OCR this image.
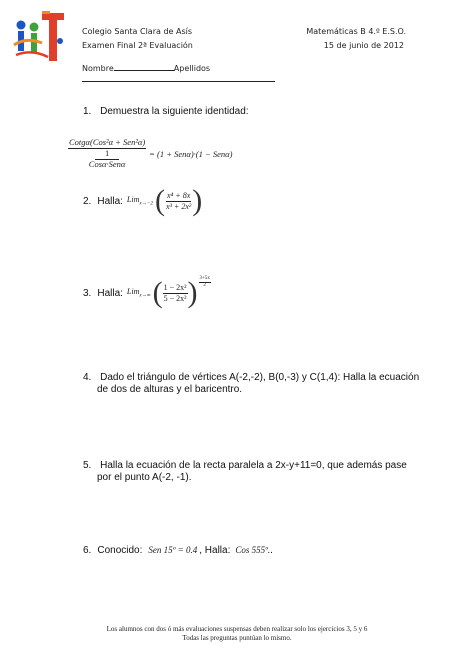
Colegio Santa Clara de Asís
Examen Final 2ª Evaluación
Matemáticas B 4.º E.S.O.
15 de junio de 2012
Nombre	Apellidos
1. Demuestra la siguiente identidad:
Cotgα(Cos²α + Sen²α)
1
Cosα·Senα = (1 + Senα)·(1 − Senα)
2. Halla: Lim$_{x\to-2}$ ( $\frac{\text{x⁴ + 8x}}{\text{x³ + 2x²}}$ )
3. Halla: Lim$_{x\to\infty}$ ( $\frac{\text{1 − 2x²}}{\text{5 − 2x²}}$ ) $\frac{3+5x}{2}$
4. Dado el triángulo de vértices A(-2,-2), B(0,-3) y C(1,4): Halla la ecuación
de dos de alturas y el baricentro.
5. Halla la ecuación de la recta paralela a 2x-y+11=0, que además pase
por el punto A(-2, -1).
6. Conocido: Sen 15º = 0.4 , Halla: Cos 555º. .
Los alumnos con dos ó más evaluaciones suspensas deben realizar solo los ejercicios 3, 5 y 6
Todas las preguntas puntúan lo mismo.
